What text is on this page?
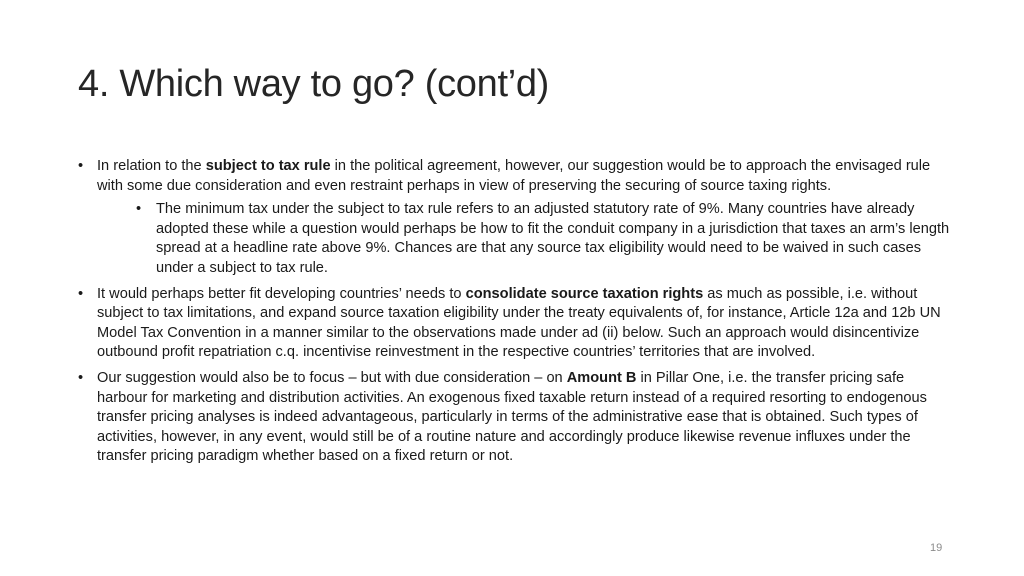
4. Which way to go? (cont’d)
• In relation to the subject to tax rule in the political agreement, however, our suggestion would be to approach the envisaged rule with some due consideration and even restraint perhaps in view of preserving the securing of source taxing rights.
• The minimum tax under the subject to tax rule refers to an adjusted statutory rate of 9%. Many countries have already adopted these while a question would perhaps be how to fit the conduit company in a jurisdiction that taxes an arm’s length spread at a headline rate above 9%. Chances are that any source tax eligibility would need to be waived in such cases under a subject to tax rule.
• It would perhaps better fit developing countries’ needs to consolidate source taxation rights as much as possible, i.e. without subject to tax limitations, and expand source taxation eligibility under the treaty equivalents of, for instance, Article 12a and 12b UN Model Tax Convention in a manner similar to the observations made under ad (ii) below. Such an approach would disincentivize outbound profit repatriation c.q. incentivise reinvestment in the respective countries’ territories that are involved.
• Our suggestion would also be to focus – but with due consideration – on Amount B in Pillar One, i.e. the transfer pricing safe harbour for marketing and distribution activities. An exogenous fixed taxable return instead of a required resorting to endogenous transfer pricing analyses is indeed advantageous, particularly in terms of the administrative ease that is obtained. Such types of activities, however, in any event, would still be of a routine nature and accordingly produce likewise revenue influxes under the transfer pricing paradigm whether based on a fixed return or not.
19
